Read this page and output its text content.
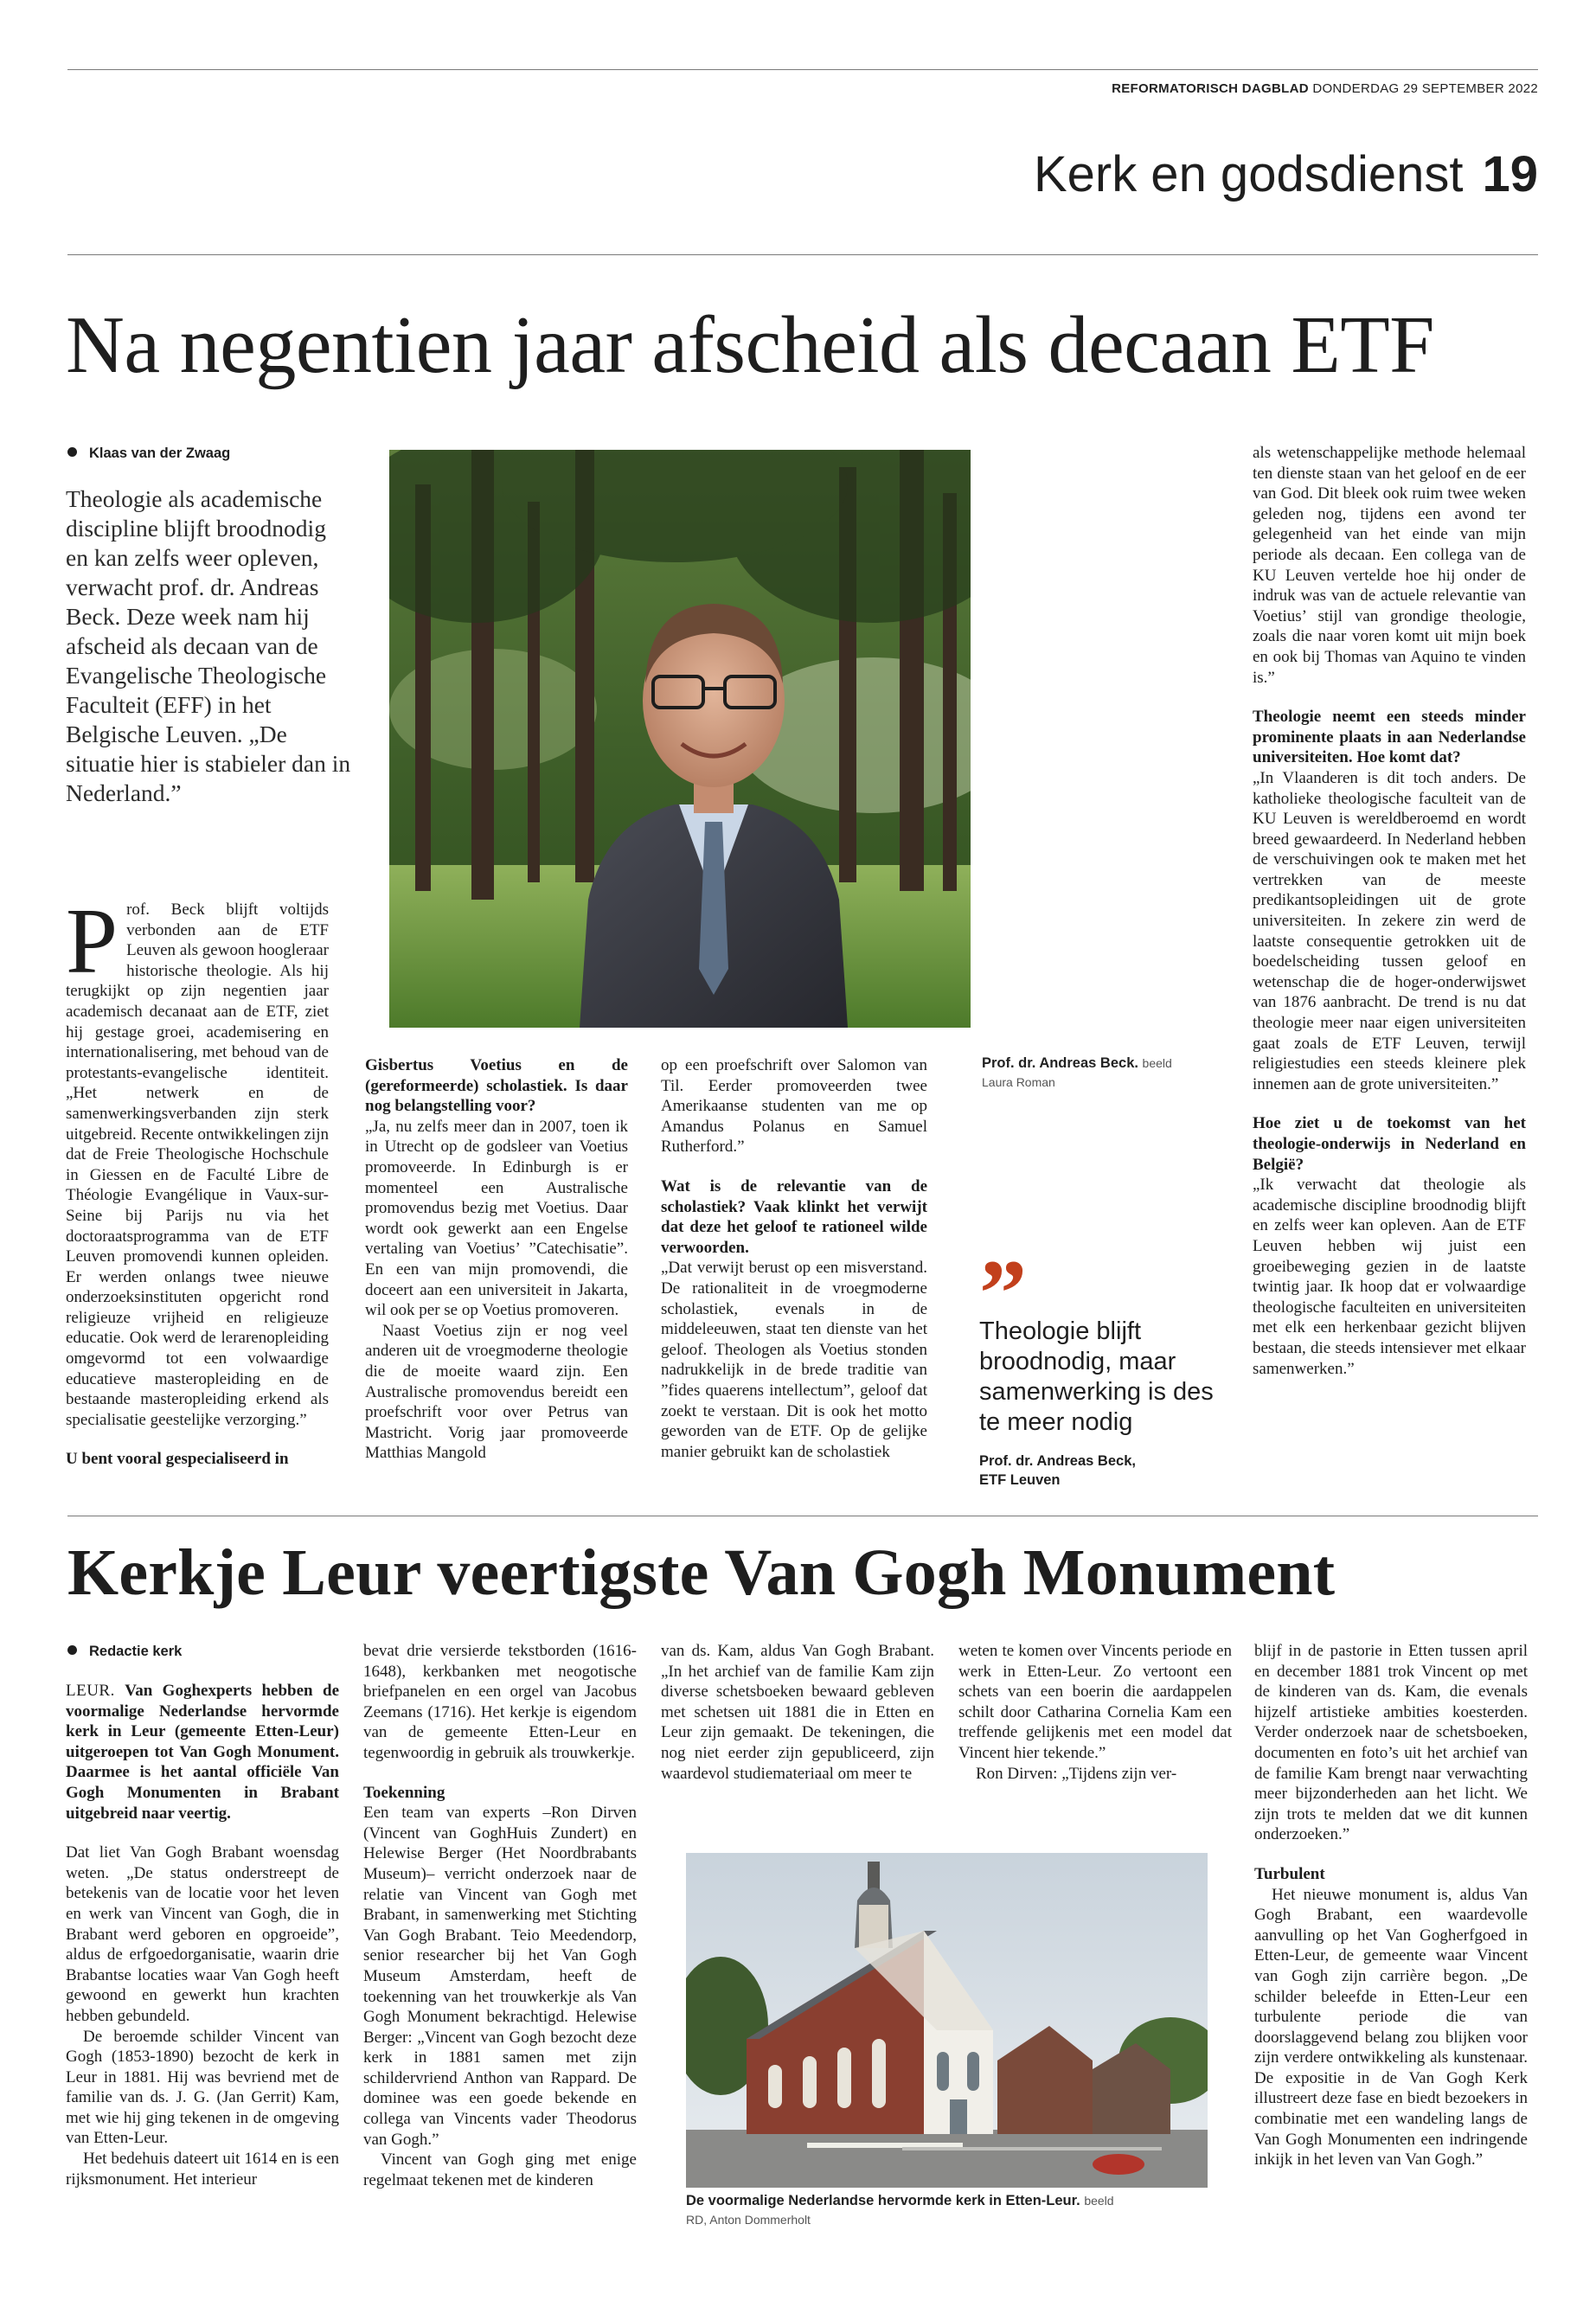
REFORMATORISCH DAGBLAD DONDERDAG 29 SEPTEMBER 2022
Kerk en godsdienst 19
Na negentien jaar afscheid als decaan ETF
Klaas van der Zwaag
Theologie als academische discipline blijft broodnodig en kan zelfs weer opleven, verwacht prof. dr. Andreas Beck. Deze week nam hij afscheid als decaan van de Evangelische Theologische Faculteit (EFF) in het Belgische Leuven. „De situatie hier is stabieler dan in Nederland.”

Prof. Beck blijft voltijds verbonden aan de ETF Leuven als gewoon hoogleraar historische theologie. Als hij terugkijkt op zijn negentien jaar academisch decanaat aan de ETF, ziet hij gestage groei, academisering en internationalisering, met behoud van de protestants-evangelische identiteit. „Het netwerk en de samenwerkingsverbanden zijn sterk uitgebreid. Recente ontwikkelingen zijn dat de Freie Theologische Hochschule in Giessen en de Faculté Libre de Théologie Evangélique in Vaux-sur-Seine bij Parijs nu via het doctoraatsprogramma van de ETF Leuven promovendi kunnen opleiden. Er werden onlangs twee nieuwe onderzoeksinstituten opgericht rond religieuze vrijheid en religieuze educatie. Ook werd de lerarenopleiding omgevormd tot een volwaardige educatieve masteropleiding en de bestaande masteropleiding erkend als specialisatie geestelijke verzorging.”

U bent vooral gespecialiseerd in

Prof. dr. Andreas Beck. beeld
Laura Roman

Gisbertus Voetius en de (gereformeerde) scholastiek. Is daar nog belangstelling voor?

„Ja, nu zelfs meer dan in 2007, toen ik in Utrecht op de godsleer van Voetius promoveerde. In Edinburgh is er momenteel een Australische promovendus bezig met Voetius. Daar wordt ook gewerkt aan een Engelse vertaling van Voetius’ ”Catechisatie”. En een van mijn promovendi, die doceert aan een universiteit in Jakarta, wil ook per se op Voetius promoveren.

Naast Voetius zijn er nog veel anderen uit de vroegmoderne theologie die de moeite waard zijn. Een Australische promovendus bereidt een proefschrift voor over Petrus van Mastricht. Vorig jaar promoveerde Matthias Mangold

op een proefschrift over Salomon van Til. Eerder promoveerden twee Amerikaanse studenten van me op Amandus Polanus en Samuel Rutherford.”

Wat is de relevantie van de scholastiek? Vaak klinkt het verwijt dat deze het geloof te rationeel wilde verwoorden.

„Dat verwijt berust op een misverstand. De rationaliteit in de vroegmoderne scholastiek, evenals in de middeleeuwen, staat ten dienste van het geloof. Theologen als Voetius stonden nadrukkelijk in de brede traditie van ”fides quaerens intellectum”, geloof dat zoekt te verstaan. Dit is ook het motto geworden van de ETF. Op de gelijke manier gebruikt kan de scholastiek

”
Theologie blijft broodnodig, maar samenwerking is des te meer nodig
Prof. dr. Andreas Beck,
ETF Leuven

als wetenschappelijke methode helemaal ten dienste staan van het geloof en de eer van God. Dit bleek ook ruim twee weken geleden nog, tijdens een avond ter gelegenheid van het einde van mijn periode als decaan. Een collega van de KU Leuven vertelde hoe hij onder de indruk was van de actuele relevantie van Voetius’ stijl van grondige theologie, zoals die naar voren komt uit mijn boek en ook bij Thomas van Aquino te vinden is.”

Theologie neemt een steeds minder prominente plaats in aan Nederlandse universiteiten. Hoe komt dat?

„In Vlaanderen is dit toch anders. De katholieke theologische faculteit van de KU Leuven is wereldberoemd en wordt breed gewaardeerd. In Nederland hebben de verschuivingen ook te maken met het vertrekken van de meeste predikantsopleidingen uit de grote universiteiten. In zekere zin werd de laatste consequentie getrokken uit de boedelscheiding tussen geloof en wetenschap die de hoger-onderwijswet van 1876 aanbracht. De trend is nu dat theologie meer naar eigen universiteiten gaat zoals de ETF Leuven, terwijl religiestudies een steeds kleinere plek innemen aan de grote universiteiten.”

Hoe ziet u de toekomst van het theologie-onderwijs in Nederland en België?

„Ik verwacht dat theologie als academische discipline broodnodig blijft en zelfs weer kan opleven. Aan de ETF Leuven hebben wij juist een groeibeweging gezien in de laatste twintig jaar. Ik hoop dat er volwaardige theologische faculteiten en universiteiten met elk een herkenbaar gezicht blijven bestaan, die steeds intensiever met elkaar samenwerken.”

Kerkje Leur veertigste Van Gogh Monument
Redactie kerk

LEUR. Van Goghexperts hebben de voormalige Nederlandse hervormde kerk in Leur (gemeente Etten-Leur) uitgeroepen tot Van Gogh Monument. Daarmee is het aantal officiële Van Gogh Monumenten in Brabant uitgebreid naar veertig.

Dat liet Van Gogh Brabant woensdag weten. „De status onderstreept de betekenis van de locatie voor het leven en werk van Vincent van Gogh, die in Brabant werd geboren en opgroeide”, aldus de erfgoedorganisatie, waarin drie Brabantse locaties waar Van Gogh heeft gewoond en gewerkt hun krachten hebben gebundeld.

De beroemde schilder Vincent van Gogh (1853-1890) bezocht de kerk in Leur in 1881. Hij was bevriend met de familie van ds. J. G. (Jan Gerrit) Kam, met wie hij ging tekenen in de omgeving van Etten-Leur.

Het bedehuis dateert uit 1614 en is een rijksmonument. Het interieur

bevat drie versierde tekstborden (1616-1648), kerkbanken met neogotische briefpanelen en een orgel van Jacobus Zeemans (1716). Het kerkje is eigendom van de gemeente Etten-Leur en tegenwoordig in gebruik als trouwkerkje.

Toekenning

Een team van experts –Ron Dirven (Vincent van GoghHuis Zundert) en Helewise Berger (Het Noordbrabants Museum)– verricht onderzoek naar de relatie van Vincent van Gogh met Brabant, in samenwerking met Stichting Van Gogh Brabant. Teio Meedendorp, senior researcher bij het Van Gogh Museum Amsterdam, heeft de toekenning van het trouwkerkje als Van Gogh Monument bekrachtigd. Helewise Berger: „Vincent van Gogh bezocht deze kerk in 1881 samen met zijn schildervriend Anthon van Rappard. De dominee was een goede bekende en collega van Vincents vader Theodorus van Gogh.”

Vincent van Gogh ging met enige regelmaat tekenen met de kinderen

van ds. Kam, aldus Van Gogh Brabant. „In het archief van de familie Kam zijn diverse schetsboeken bewaard gebleven met schetsen uit 1881 die in Etten en Leur zijn gemaakt. De tekeningen, die nog niet eerder zijn gepubliceerd, zijn waardevol studiemateriaal om meer te

weten te komen over Vincents periode en werk in Etten-Leur. Zo vertoont een schets van een boerin die aardappelen schilt door Catharina Cornelia Kam een treffende gelijkenis met een model dat Vincent hier tekende.”

Ron Dirven: „Tijdens zijn ver-

blijf in de pastorie in Etten tussen april en december 1881 trok Vincent op met de kinderen van ds. Kam, die evenals hijzelf artistieke ambities koesterden. Verder onderzoek naar de schetsboeken, documenten en foto’s uit het archief van de familie Kam brengt naar verwachting meer bijzonderheden aan het licht. We zijn trots te melden dat we dit kunnen onderzoeken.”

Turbulent

Het nieuwe monument is, aldus Van Gogh Brabant, een waardevolle aanvulling op het Van Gogherfgoed in Etten-Leur, de gemeente waar Vincent van Gogh zijn carrière begon. „De schilder beleefde in Etten-Leur een turbulente periode die van doorslaggevend belang zou blijken voor zijn verdere ontwikkeling als kunstenaar. De expositie in de Van Gogh Kerk illustreert deze fase en biedt bezoekers in combinatie met een wandeling langs de Van Gogh Monumenten een indringende inkijk in het leven van Van Gogh.”

De voormalige Nederlandse hervormde kerk in Etten-Leur. beeld
RD, Anton Dommerholt
